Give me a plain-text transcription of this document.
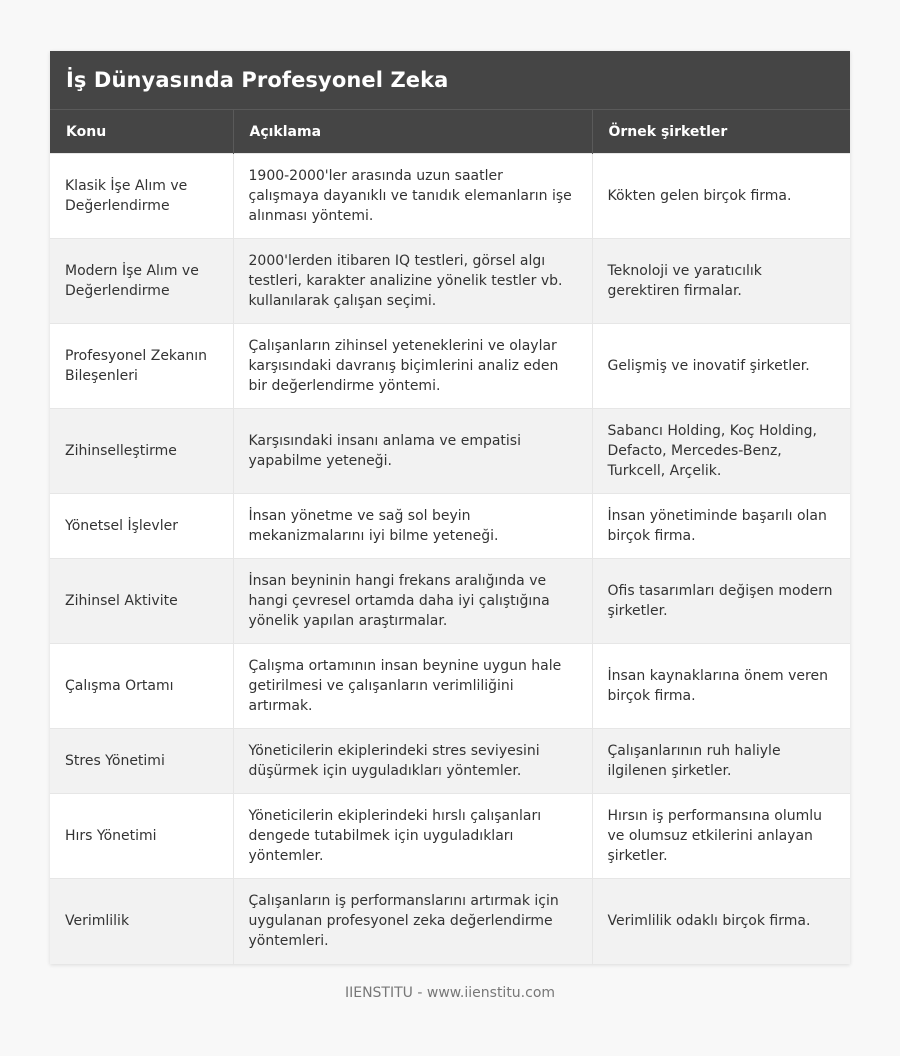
İş Dünyasında Profesyonel Zeka
Konu	Açıklama	Örnek şirketler
Klasik İşe Alım ve Değerlendirme	1900-2000'ler arasında uzun saatler çalışmaya dayanıklı ve tanıdık elemanların işe alınması yöntemi.	Kökten gelen birçok firma.
Modern İşe Alım ve Değerlendirme	2000'lerden itibaren IQ testleri, görsel algı testleri, karakter analizine yönelik testler vb. kullanılarak çalışan seçimi.	Teknoloji ve yaratıcılık gerektiren firmalar.
Profesyonel Zekanın Bileşenleri	Çalışanların zihinsel yeteneklerini ve olaylar karşısındaki davranış biçimlerini analiz eden bir değerlendirme yöntemi.	Gelişmiş ve inovatif şirketler.
Zihinselleştirme	Karşısındaki insanı anlama ve empatisi yapabilme yeteneği.	Sabancı Holding, Koç Holding, Defacto, Mercedes-Benz, Turkcell, Arçelik.
Yönetsel İşlevler	İnsan yönetme ve sağ sol beyin mekanizmalarını iyi bilme yeteneği.	İnsan yönetiminde başarılı olan birçok firma.
Zihinsel Aktivite	İnsan beyninin hangi frekans aralığında ve hangi çevresel ortamda daha iyi çalıştığına yönelik yapılan araştırmalar.	Ofis tasarımları değişen modern şirketler.
Çalışma Ortamı	Çalışma ortamının insan beynine uygun hale getirilmesi ve çalışanların verimliliğini artırmak.	İnsan kaynaklarına önem veren birçok firma.
Stres Yönetimi	Yöneticilerin ekiplerindeki stres seviyesini düşürmek için uyguladıkları yöntemler.	Çalışanlarının ruh haliyle ilgilenen şirketler.
Hırs Yönetimi	Yöneticilerin ekiplerindeki hırslı çalışanları dengede tutabilmek için uyguladıkları yöntemler.	Hırsın iş performansına olumlu ve olumsuz etkilerini anlayan şirketler.
Verimlilik	Çalışanların iş performanslarını artırmak için uygulanan profesyonel zeka değerlendirme yöntemleri.	Verimlilik odaklı birçok firma.
IIENSTITU - www.iienstitu.com
